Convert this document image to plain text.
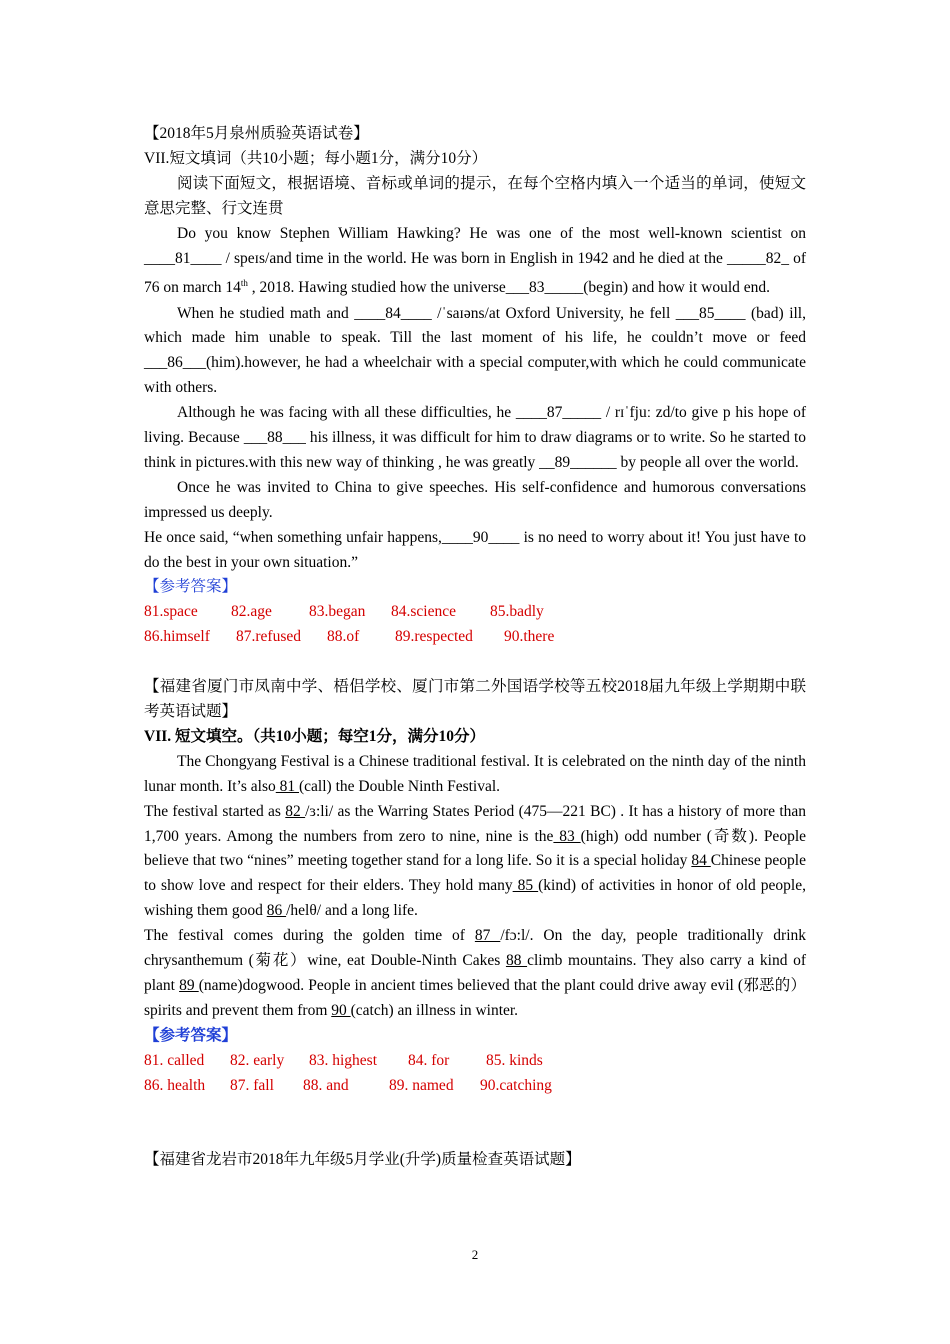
【2018年5月泉州质验英语试卷】

VII.短文填词（共10小题；每小题1分，满分10分）

阅读下面短文，根据语境、音标或单词的提示，在每个空格内填入一个适当的单词，使短文意思完整、行文连贯

Do you know Stephen William Hawking? He was one of the most well-known scientist on ____81____ / speɪs/and time in the world. He was born in English in 1942 and he died at the _____82_ of 76 on march 14th , 2018. Hawing studied how the universe___83_____(begin) and how it would end.

When he studied math and ____84____ /ˈsaɪəns/at Oxford University, he fell ___85____ (bad) ill, which made him unable to speak. Till the last moment of his life, he couldn’t move or feed ___86___(him).however, he had a wheelchair with a special computer,with which he could communicate with others.

Although he was facing with all these difficulties, he ____87_____ / rɪˈfjuː zd/to give p his hope of living. Because ___88___ his illness, it was difficult for him to draw diagrams or to write. So he started to think in pictures.with this new way of thinking , he was greatly __89______ by people all over the world.

Once he was invited to China to give speeches. His self-confidence and humorous conversations impressed us deeply.

He once said, “when something unfair happens,____90____ is no need to worry about it! You just have to do the best in your own situation.”

【参考答案】

81.space	82.age	83.began	84.science	85.badly
86.himself	87.refused	88.of	89.respected	90.there

【福建省厦门市凤南中学、梧侣学校、厦门市第二外国语学校等五校2018届九年级上学期期中联考英语试题】

VII. 短文填空。（共10小题；每空1分，满分10分）

The Chongyang Festival is a Chinese traditional festival. It is celebrated on the ninth day of the ninth lunar month. It’s also 81 (call) the Double Ninth Festival.

The festival started as 82 /ɜ:li/ as the Warring States Period (475—221 BC) . It has a history of more than 1,700 years. Among the numbers from zero to nine, nine is the 83 (high) odd number (奇数). People believe that two “nines” meeting together stand for a long life. So it is a special holiday 84 Chinese people to show love and respect for their elders. They hold many 85 (kind) of activities in honor of old people, wishing them good 86 /helθ/ and a long life.

The festival comes during the golden time of 87 /fɔ:l/. On the day, people traditionally drink chrysanthemum (菊花）wine, eat Double-Ninth Cakes 88 climb mountains. They also carry a kind of plant 89 (name)dogwood. People in ancient times believed that the plant could drive away evil (邪恶的）spirits and prevent them from 90 (catch) an illness in winter.

【参考答案】

81. called	82. early	83. highest	84. for	85. kinds
86. health	87. fall	88. and	89. named	90.catching

【福建省龙岩市2018年九年级5月学业(升学)质量检查英语试题】

2
